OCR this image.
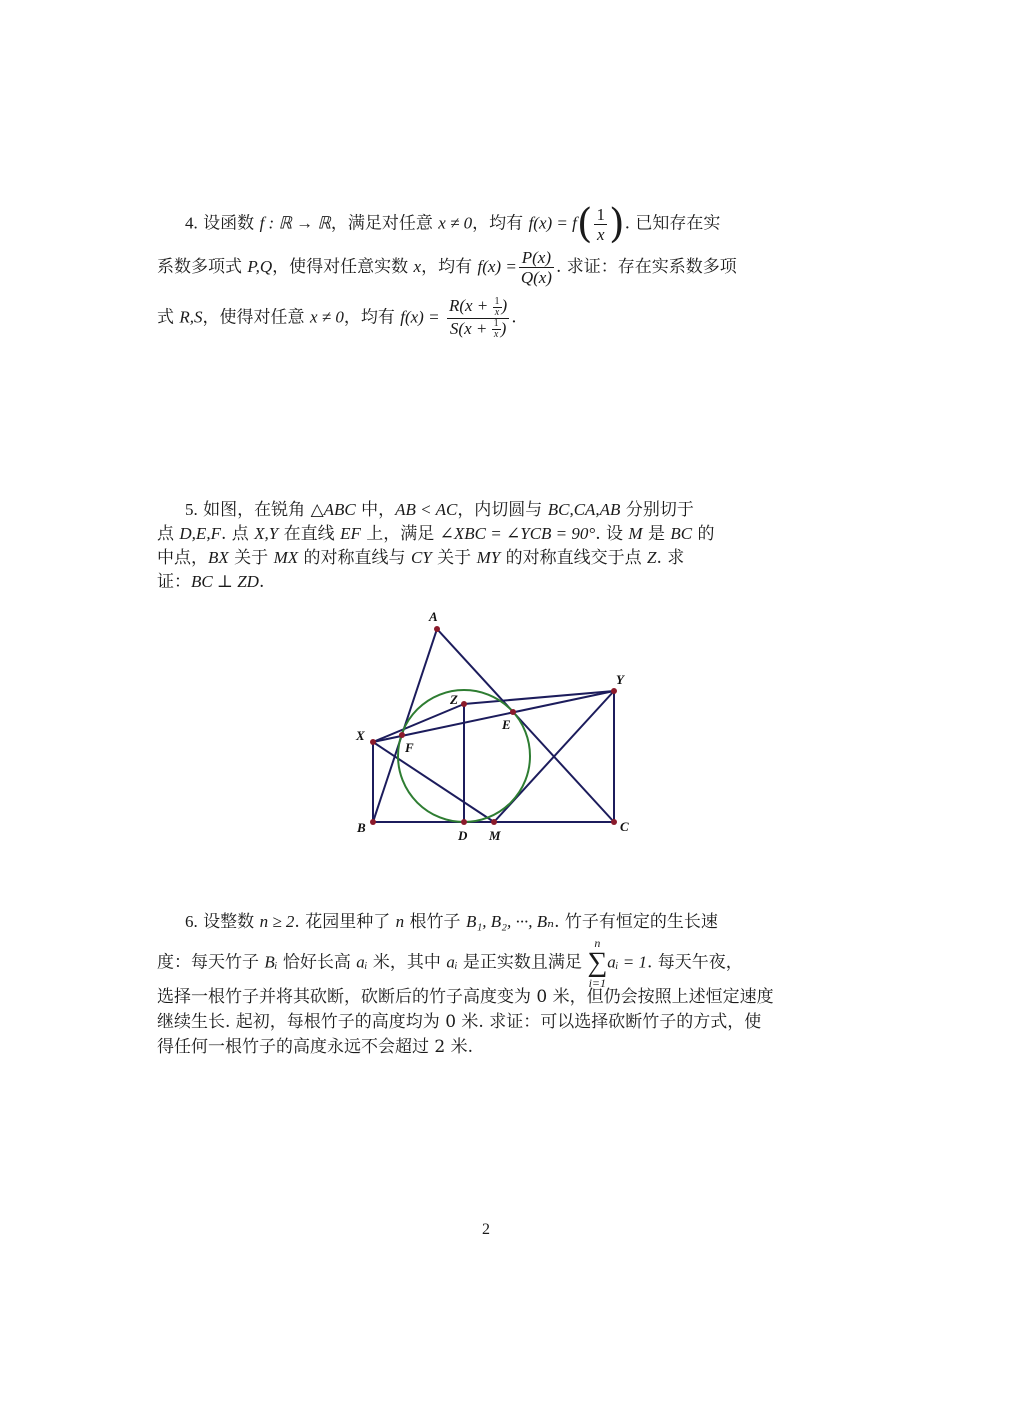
4. 设函数 f : ℝ → ℝ，满足对任意 x ≠ 0，均有 $f(x) = f( \frac{1}{x}$ ). 已知存在实
系数多项式 P,Q，使得对任意实数 x，均有 $f(x) = \frac{P(x)}{Q(x)}$ . 求证：存在实系数多项
式 R,S，使得对任意 x ≠ 0，均有 $f(x) = \frac{R(x + \frac{1}{x} )}{S(x + \frac{1}{x} )}$ .
5. 如图，在锐角 △ABC 中，AB < AC，内切圆与 BC,CA,AB 分别切于
点 D,E,F. 点 X,Y 在直线 EF 上，满足 ∠XBC = ∠YCB = 90°. 设 M 是 BC 的
中点，BX 关于 MX 的对称直线与 CY 关于 MY 的对称直线交于点 Z. 求
证：BC ⊥ ZD.
A
B	C
D
E
F
M
X
Y
Z
6. 设整数 n ≥ 2. 花园里种了 n 根竹子 B₁, B₂, ···, Bₙ. 竹子有恒定的生长速
度：每天竹子 Bᵢ 恰好长高 aᵢ 米，其中 aᵢ 是正实数且满足
n
∑
i=1
aᵢ = 1. 每天午夜，
选择一根竹子并将其砍断，砍断后的竹子高度变为 0 米，但仍会按照上述恒定速度
继续生长. 起初，每根竹子的高度均为 0 米. 求证：可以选择砍断竹子的方式，使
得任何一根竹子的高度永远不会超过 2 米.
2
